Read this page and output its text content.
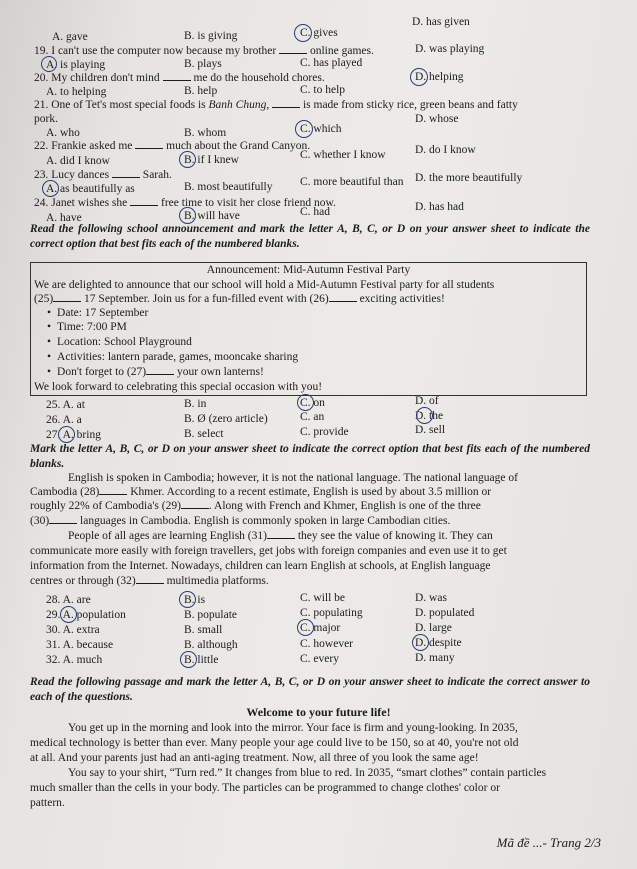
A. gave	B. is giving	C. gives
D. has given
19. I can't use the computer now because my brother	online games.
A. is playing	B. plays	C. has played
D. was playing
20. My children don't mind	me do the household chores.
A. to helping	B. help	C. to help
D. helping
21. One of Tet's most special foods is Banh Chung,	is made from sticky rice, green beans and fatty
pork.
A. who	B. whom	C. which
D. whose
22. Frankie asked me	much about the Grand Canyon.
A. did I know	B. if I knew	C. whether I know	D. do I know
23. Lucy dances	Sarah.
A. as beautifully as	B. most beautifully C. more beautiful than D. the more beautifully
24. Janet wishes she	free time to visit her close friend now.
A. have	B. will have	C. had	D. has had
Read the following school announcement and mark the letter A, B, C, or D on your answer sheet to indicate the correct option that best fits each of the numbered blanks.
Announcement: Mid-Autumn Festival Party
We are delighted to announce that our school will hold a Mid-Autumn Festival party for all students
(25)	17 September. Join us for a fun-filled event with (26)	exciting activities!
• Date: 17 September
• Time: 7:00 PM
• Location: School Playground
• Activities: lantern parade, games, mooncake sharing
• Don't forget to (27)	your own lanterns!
We look forward to celebrating this special occasion with you!
25. A. at	B. in	C. on	D. of
26. A. a	B. Ø (zero article)	C. an	D. the
27. A. bring	B. select	C. provide	D. sell
Mark the letter A, B, C, or D on your answer sheet to indicate the correct option that best fits each of the numbered blanks.
English is spoken in Cambodia; however, it is not the national language. The national language of
Cambodia (28)	Khmer. According to a recent estimate, English is used by about 3.5 million or
roughly 22% of Cambodia's (29) . Along with French and Khmer, English is one of the three
(30)	languages in Cambodia. English is commonly spoken in large Cambodian cities.
People of all ages are learning English (31)	they see the value of knowing it. They can
communicate more easily with foreign travellers, get jobs with foreign companies and even use it to get
information from the Internet. Nowadays, children can learn English at schools, at English language
centres or through (32)	multimedia platforms.
28. A. are	B. is	C. will be	D. was
29. A. population	B. populate	C. populating	D. populated
30. A. extra	B. small	C. major	D. large
31. A. because	B. although	C. however	D. despite
32. A. much	B. little	C. every	D. many
Read the following passage and mark the letter A, B, C, or D on your answer sheet to indicate the correct answer to each of the questions.
Welcome to your future life!
You get up in the morning and look into the mirror. Your face is firm and young-looking. In 2035,
medical technology is better than ever. Many people your age could live to be 150, so at 40, you're not old
at all. And your parents just had an anti-aging treatment. Now, all three of you look the same age!
You say to your shirt, “Turn red.” It changes from blue to red. In 2035, “smart clothes” contain particles
much smaller than the cells in your body. The particles can be programmed to change clothes' color or
pattern.
Mã đề ...- Trang 2/3
